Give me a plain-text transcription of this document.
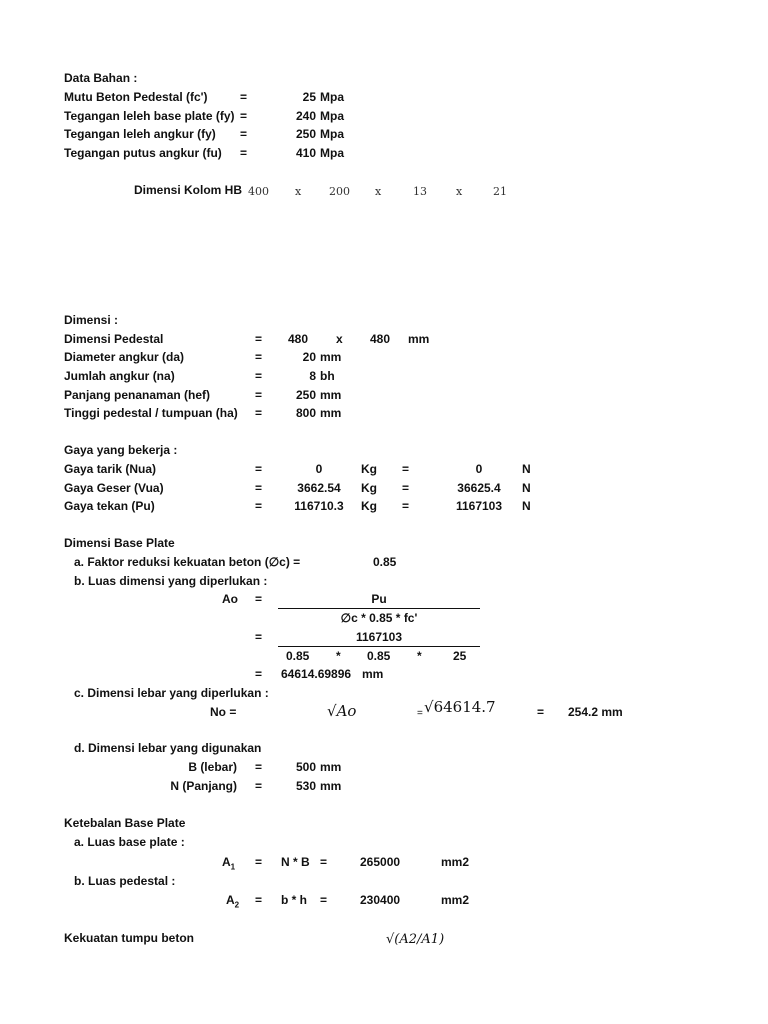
Data Bahan :
Mutu Beton Pedestal (fc')	=	25 Mpa
Tegangan leleh base plate (fy) =	240 Mpa
Tegangan leleh angkur (fy) =	250 Mpa
Tegangan putus angkur (fu) =	410 Mpa
Dimensi Kolom HB 400 x	200 x	13	x	21
Dimensi :
Dimensi Pedestal	=	480 x	480 mm
Diameter angkur (da)	=	20 mm
Jumlah angkur (na)	=	8 bh
Panjang penanaman (hef)	=	250 mm
Tinggi pedestal / tumpuan (ha) =	800 mm
Gaya yang bekerja :
Gaya tarik (Nua)	=	0	Kg =	0	N
Gaya Geser (Vua)	=	3662.54	Kg =	36625.4	N
Gaya tekan (Pu)	=	116710.3	Kg =	1167103	N
Dimensi Base Plate
a. Faktor reduksi kekuatan beton (∅c) =	0.85
b. Luas dimensi yang diperlukan :
Ao =	Pu
∅c * 0.85 * fc'
=	1167103
0.85 * 0.85 *	25
= 64614.69896 mm
c. Dimensi lebar yang diperlukan :
No =	√Ao	= √64614.7	= 254.2 mm
d. Dimensi lebar yang digunakan
B (lebar) =	500 mm
N (Panjang) =	530 mm
Ketebalan Base Plate
a. Luas base plate :
$A_1 = N * B$ =	265000	mm2
b. Luas pedestal :
$A_2 = b * h$ =	230400	mm2
Kekuatan tumpu beton	√(A2/A1)
